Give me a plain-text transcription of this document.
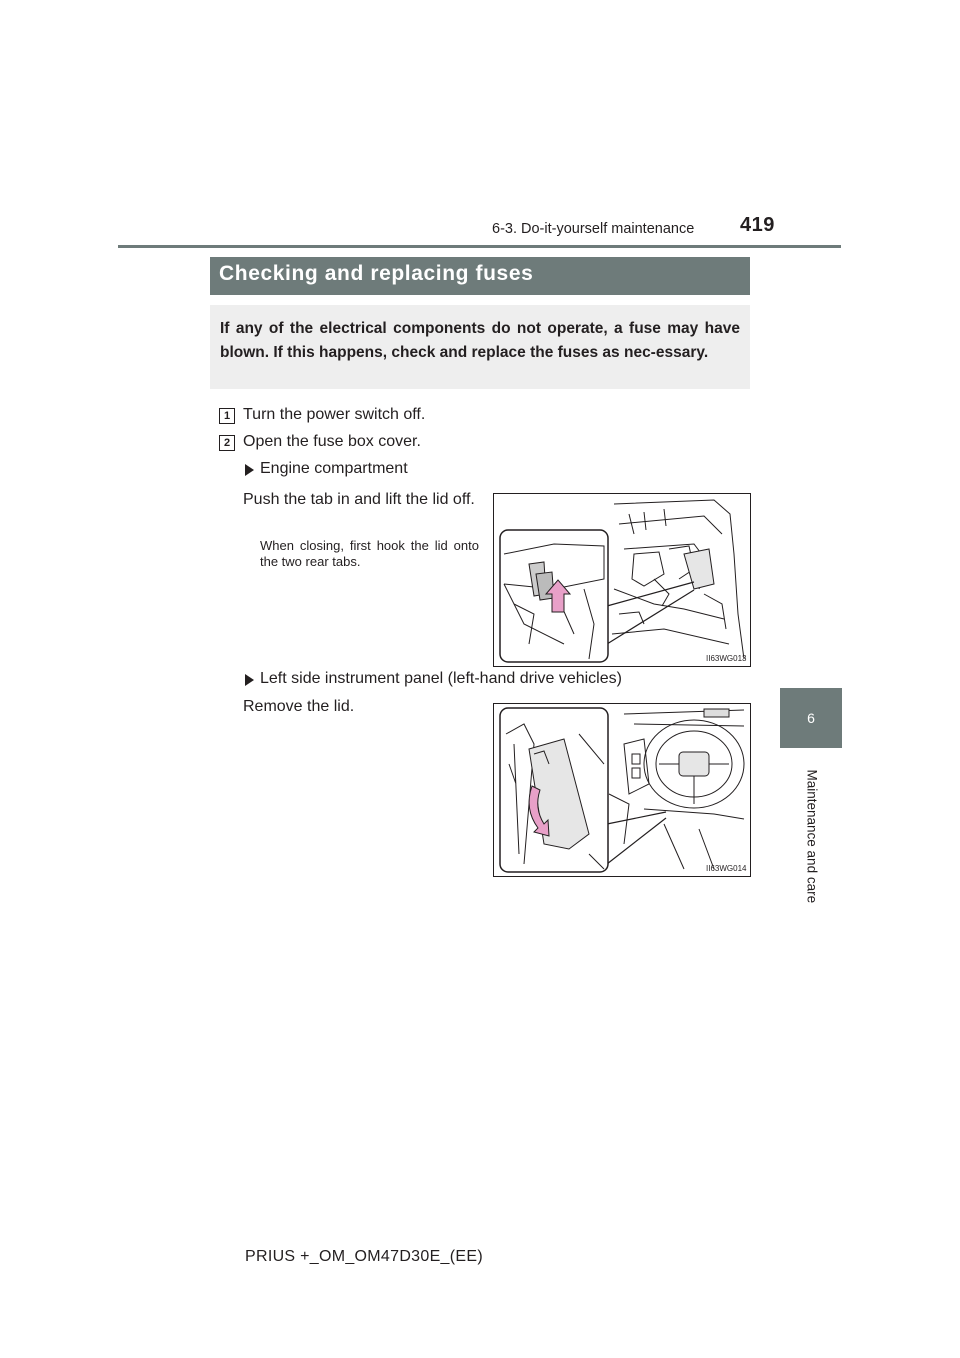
6-3. Do-it-yourself maintenance 419
6
Maintenance and care
Checking and replacing fuses
If any of the electrical components do not operate, a fuse may have blown. If this happens, check and replace the fuses as nec-essary.
1 Turn the power switch off.
2 Open the fuse box cover.
Engine compartment
Push the tab in and lift the lid off.
When closing, first hook the lid onto the two rear tabs.
II63WG013
Left side instrument panel (left-hand drive vehicles)
Remove the lid.
II63WG014
PRIUS +_OM_OM47D30E_(EE)
